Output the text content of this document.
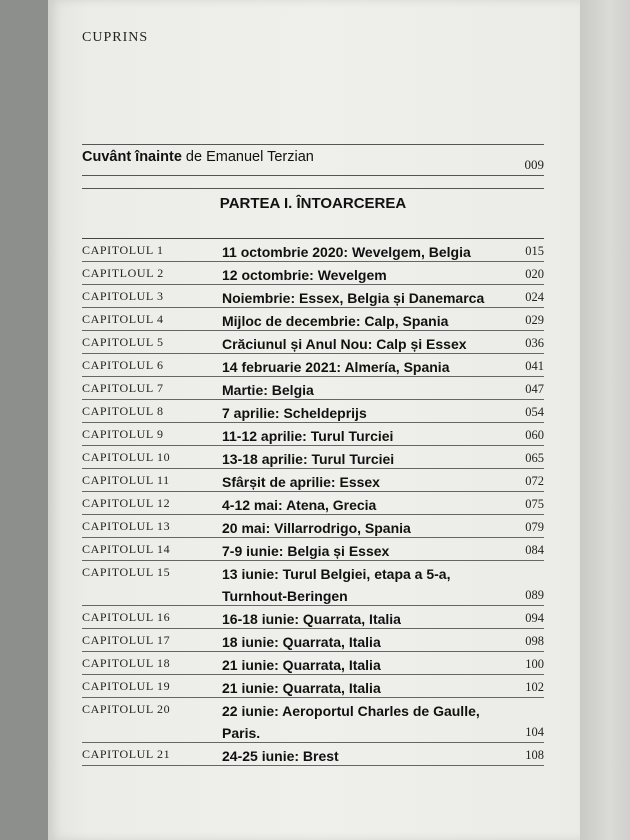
CUPRINS
Cuvânt înainte de Emanuel Terzian	009
PARTEA I. ÎNTOARCEREA
CAPITOLUL 1	11 octombrie 2020: Wevelgem, Belgia	015
CAPITLOUL 2	12 octombrie: Wevelgem	020
CAPITOLUL 3	Noiembrie: Essex, Belgia și Danemarca	024
CAPITOLUL 4	Mijloc de decembrie: Calp, Spania	029
CAPITOLUL 5	Crăciunul și Anul Nou: Calp și Essex	036
CAPITOLUL 6	14 februarie 2021: Almería, Spania	041
CAPITOLUL 7	Martie: Belgia	047
CAPITOLUL 8	7 aprilie: Scheldeprijs	054
CAPITOLUL 9	11-12 aprilie: Turul Turciei	060
CAPITOLUL 10	13-18 aprilie: Turul Turciei	065
CAPITOLUL 11	Sfârșit de aprilie: Essex	072
CAPITOLUL 12	4-12 mai: Atena, Grecia	075
CAPITOLUL 13	20 mai: Villarrodrigo, Spania	079
CAPITOLUL 14	7-9 iunie: Belgia și Essex	084
CAPITOLUL 15	13 iunie: Turul Belgiei, etapa a 5-a, Turnhout-Beringen	089
CAPITOLUL 16	16-18 iunie: Quarrata, Italia	094
CAPITOLUL 17	18 iunie: Quarrata, Italia	098
CAPITOLUL 18	21 iunie: Quarrata, Italia	100
CAPITOLUL 19	21 iunie: Quarrata, Italia	102
CAPITOLUL 20	22 iunie: Aeroportul Charles de Gaulle, Paris.	104
CAPITOLUL 21	24-25 iunie: Brest	108
